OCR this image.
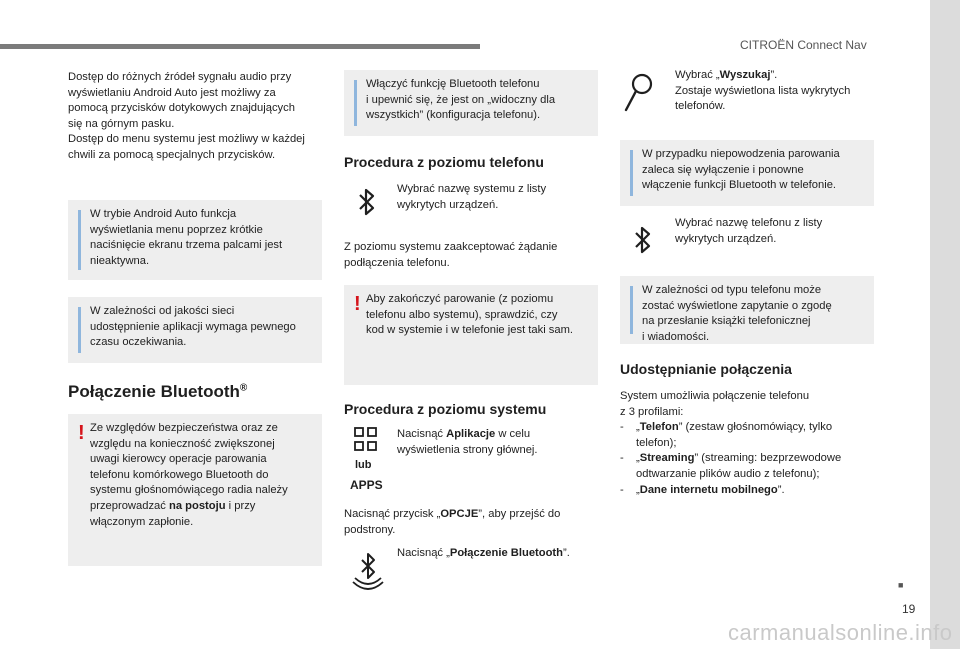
CITROËN Connect Nav
Dostęp do różnych źródeł sygnału audio przy
wyświetlaniu Android Auto jest możliwy za
pomocą przycisków dotykowych znajdujących
się na górnym pasku.
Dostęp do menu systemu jest możliwy w każdej
chwili za pomocą specjalnych przycisków.
W trybie Android Auto funkcja
wyświetlania menu poprzez krótkie
naciśnięcie ekranu trzema palcami jest
nieaktywna.
W zależności od jakości sieci
udostępnienie aplikacji wymaga pewnego
czasu oczekiwania.
Połączenie Bluetooth®
! Ze względów bezpieczeństwa oraz ze
względu na konieczność zwiększonej
uwagi kierowcy operacje parowania
telefonu komórkowego Bluetooth do
systemu głośnomówiącego radia należy
przeprowadzać na postoju i przy
włączonym zapłonie.
Włączyć funkcję Bluetooth telefonu
i upewnić się, że jest on „widoczny dla
wszystkich” (konfiguracja telefonu).
Procedura z poziomu telefonu
Wybrać nazwę systemu z listy
wykrytych urządzeń.
Z poziomu systemu zaakceptować żądanie
podłączenia telefonu.
! Aby zakończyć parowanie (z poziomu
telefonu albo systemu), sprawdzić, czy
kod w systemie i w telefonie jest taki sam.
Procedura z poziomu systemu
lub
APPS
Nacisnąć Aplikacje w celu
wyświetlenia strony głównej.
Nacisnąć przycisk „OPCJE”, aby przejść do
podstrony.
Nacisnąć „Połączenie Bluetooth”.
Wybrać „Wyszukaj”.
Zostaje wyświetlona lista wykrytych
telefonów.
W przypadku niepowodzenia parowania
zaleca się wyłączenie i ponowne
włączenie funkcji Bluetooth w telefonie.
Wybrać nazwę telefonu z listy
wykrytych urządzeń.
W zależności od typu telefonu może
zostać wyświetlone zapytanie o zgodę
na przesłanie książki telefonicznej
i wiadomości.
Udostępnianie połączenia
System umożliwia połączenie telefonu
z 3 profilami:
- „Telefon” (zestaw głośnomówiący, tylko
telefon);
- „Streaming” (streaming: bezprzewodowe
odtwarzanie plików audio z telefonu);
- „Dane internetu mobilnego”.
■
19
carmanualsonline.info
